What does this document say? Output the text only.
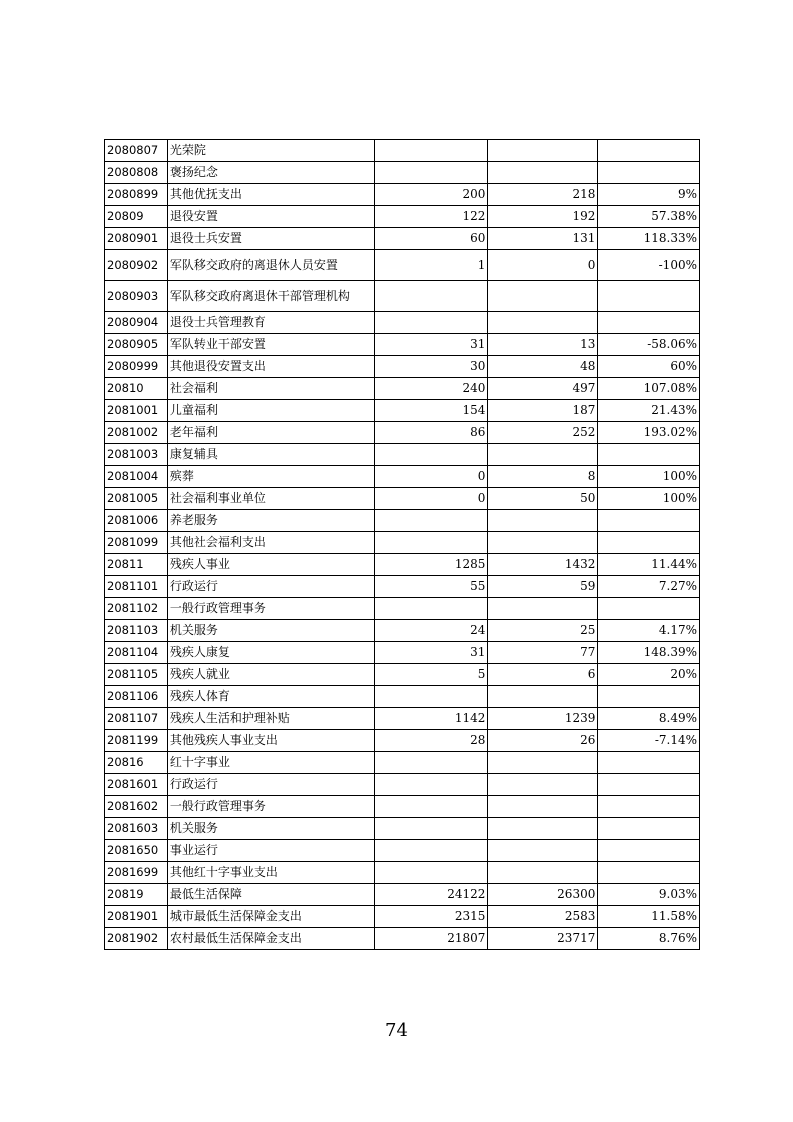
2080807	光荣院			
2080808	褒扬纪念			
2080899	其他优抚支出	200	218	9%
20809	退役安置	122	192	57.38%
2080901	退役士兵安置	60	131	118.33%
2080902	军队移交政府的离退休人员安置	1	0	-100%
2080903	军队移交政府离退休干部管理机构			
2080904	退役士兵管理教育			
2080905	军队转业干部安置	31	13	-58.06%
2080999	其他退役安置支出	30	48	60%
20810	社会福利	240	497	107.08%
2081001	儿童福利	154	187	21.43%
2081002	老年福利	86	252	193.02%
2081003	康复辅具			
2081004	殡葬	0	8	100%
2081005	社会福利事业单位	0	50	100%
2081006	养老服务			
2081099	其他社会福利支出			
20811	残疾人事业	1285	1432	11.44%
2081101	行政运行	55	59	7.27%
2081102	一般行政管理事务			
2081103	机关服务	24	25	4.17%
2081104	残疾人康复	31	77	148.39%
2081105	残疾人就业	5	6	20%
2081106	残疾人体育			
2081107	残疾人生活和护理补贴	1142	1239	8.49%
2081199	其他残疾人事业支出	28	26	-7.14%
20816	红十字事业			
2081601	行政运行			
2081602	一般行政管理事务			
2081603	机关服务			
2081650	事业运行			
2081699	其他红十字事业支出			
20819	最低生活保障	24122	26300	9.03%
2081901	城市最低生活保障金支出	2315	2583	11.58%
2081902	农村最低生活保障金支出	21807	23717	8.76%
74
